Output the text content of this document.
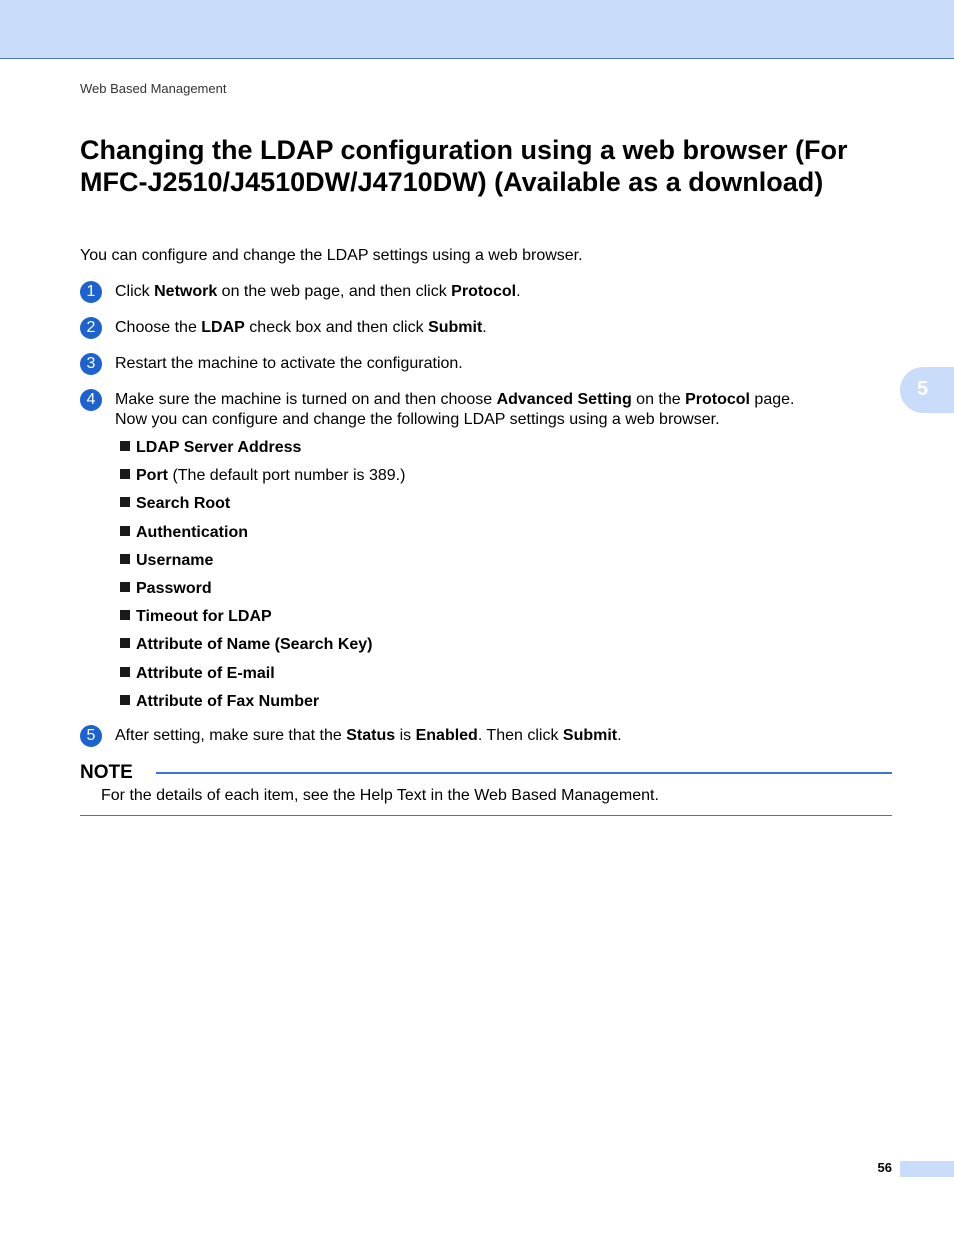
Web Based Management
Changing the LDAP configuration using a web browser (For MFC-J2510/J4510DW/J4710DW) (Available as a download)

You can configure and change the LDAP settings using a web browser.

1	Click Network on the web page, and then click Protocol.
2	Choose the LDAP check box and then click Submit.
3	Restart the machine to activate the configuration.
4	Make sure the machine is turned on and then choose Advanced Setting on the Protocol page.
Now you can configure and change the following LDAP settings using a web browser.
LDAP Server Address
Port (The default port number is 389.)
Search Root
Authentication
Username
Password
Timeout for LDAP
Attribute of Name (Search Key)
Attribute of E-mail
Attribute of Fax Number
5	After setting, make sure that the Status is Enabled. Then click Submit.
NOTE
For the details of each item, see the Help Text in the Web Based Management.
5
56
